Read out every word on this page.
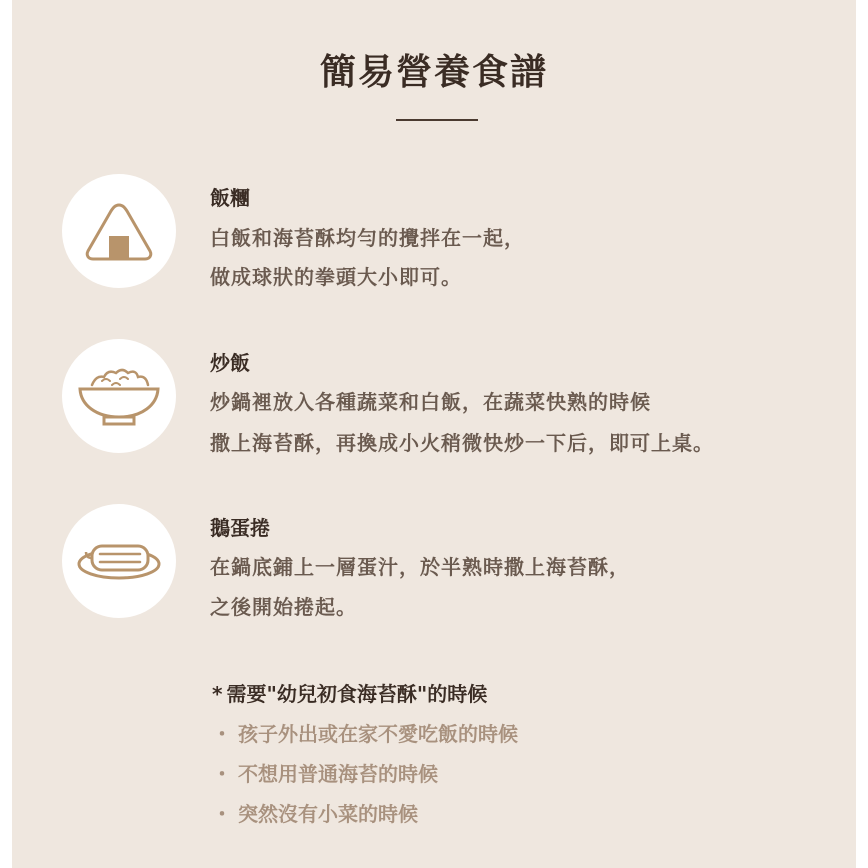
簡易營養食譜
飯糰
白飯和海苔酥均勻的攪拌在一起，
做成球狀的拳頭大小即可。
炒飯
炒鍋裡放入各種蔬菜和白飯，在蔬菜快熟的時候
撒上海苔酥，再換成小火稍微快炒一下后，即可上桌。
鵝蛋捲
在鍋底鋪上一層蛋汁，於半熟時撒上海苔酥，
之後開始捲起。
* 需要"幼兒初食海苔酥"的時候
・ 孩子外出或在家不愛吃飯的時候
・ 不想用普通海苔的時候
・ 突然沒有小菜的時候
